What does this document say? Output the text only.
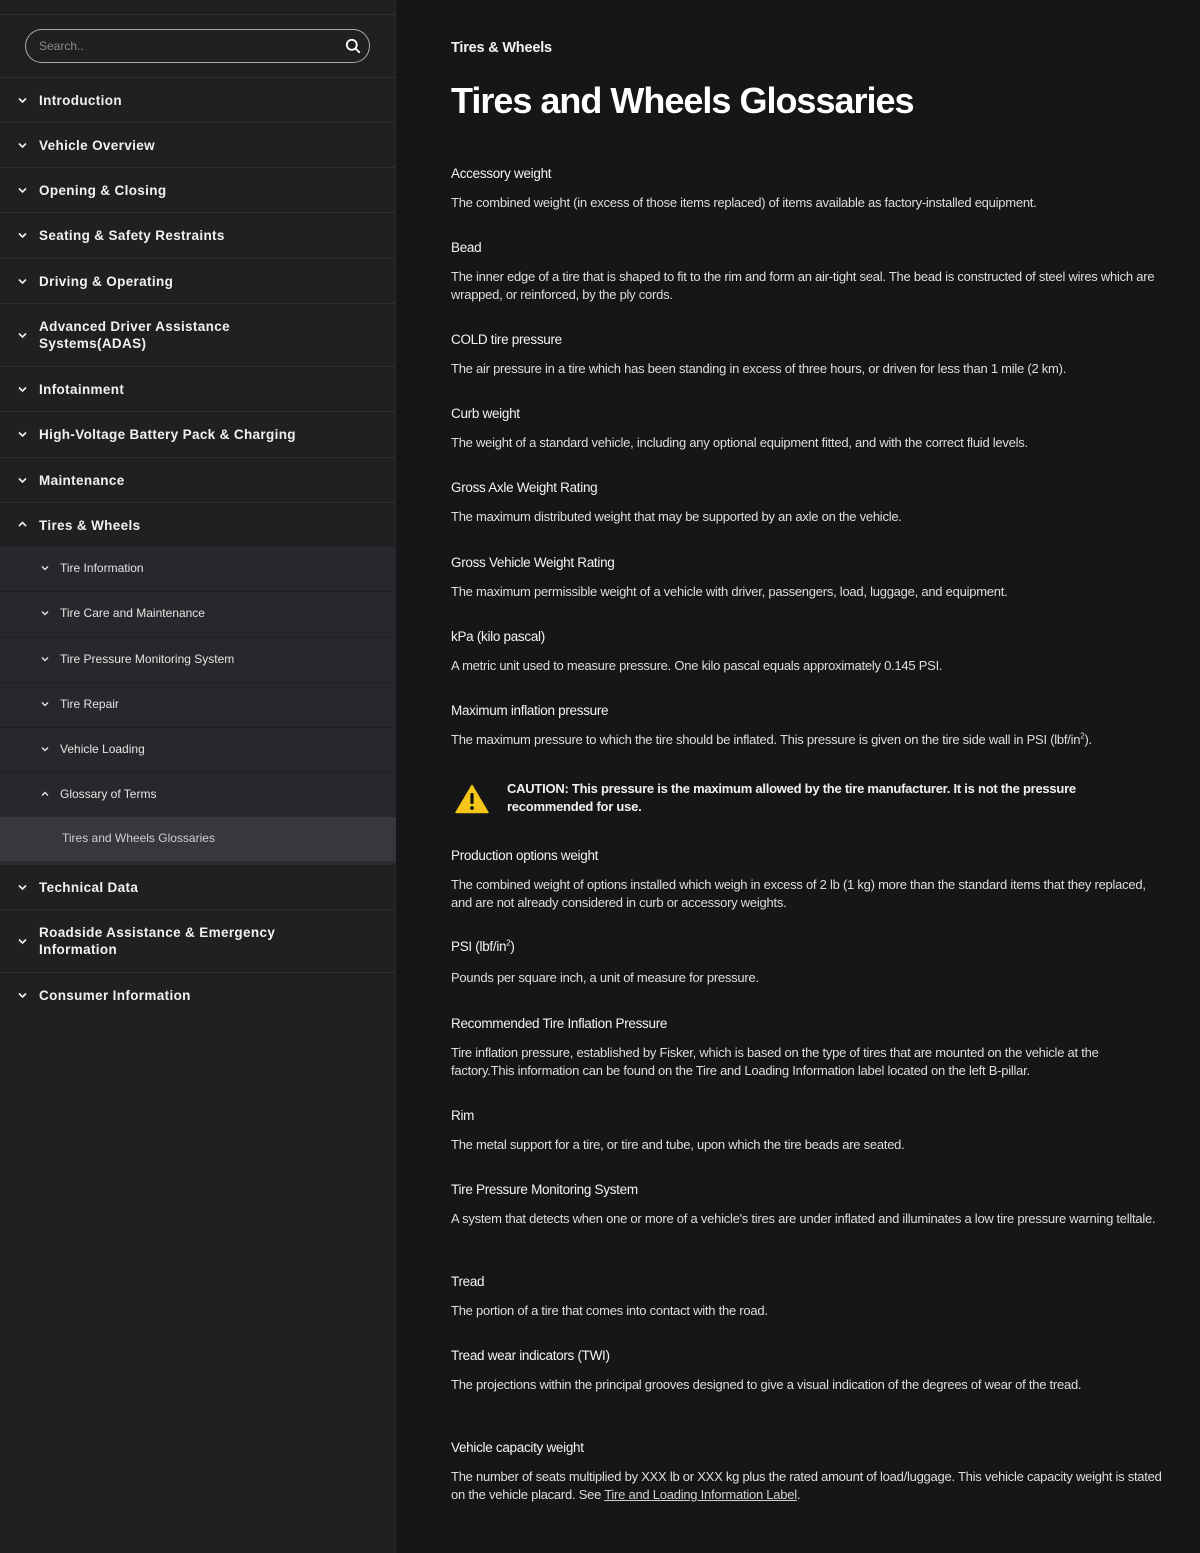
Search..
Introduction
Vehicle Overview
Opening & Closing
Seating & Safety Restraints
Driving & Operating
Advanced Driver Assistance Systems(ADAS)
Infotainment
High-Voltage Battery Pack & Charging
Maintenance
Tires & Wheels
Tire Information
Tire Care and Maintenance
Tire Pressure Monitoring System
Tire Repair
Vehicle Loading
Glossary of Terms
Tires and Wheels Glossaries
Technical Data
Roadside Assistance & Emergency Information
Consumer Information
Tires & Wheels
Tires and Wheels Glossaries
Accessory weight
The combined weight (in excess of those items replaced) of items available as factory-installed equipment.
Bead
The inner edge of a tire that is shaped to fit to the rim and form an air-tight seal. The bead is constructed of steel wires which are wrapped, or reinforced, by the ply cords.
COLD tire pressure
The air pressure in a tire which has been standing in excess of three hours, or driven for less than 1 mile (2 km).
Curb weight
The weight of a standard vehicle, including any optional equipment fitted, and with the correct fluid levels.
Gross Axle Weight Rating
The maximum distributed weight that may be supported by an axle on the vehicle.
Gross Vehicle Weight Rating
The maximum permissible weight of a vehicle with driver, passengers, load, luggage, and equipment.
kPa (kilo pascal)
A metric unit used to measure pressure. One kilo pascal equals approximately 0.145 PSI.
Maximum inflation pressure
The maximum pressure to which the tire should be inflated. This pressure is given on the tire side wall in PSI $(lbf/in^2)$.
CAUTION: This pressure is the maximum allowed by the tire manufacturer. It is not the pressure recommended for use.
Production options weight
The combined weight of options installed which weigh in excess of 2 lb (1 kg) more than the standard items that they replaced, and are not already considered in curb or accessory weights.
PSI $(lbf/in^2)$
Pounds per square inch, a unit of measure for pressure.
Recommended Tire Inflation Pressure
Tire inflation pressure, established by Fisker, which is based on the type of tires that are mounted on the vehicle at the factory.This information can be found on the Tire and Loading Information label located on the left B-pillar.
Rim
The metal support for a tire, or tire and tube, upon which the tire beads are seated.
Tire Pressure Monitoring System
A system that detects when one or more of a vehicle's tires are under inflated and illuminates a low tire pressure warning telltale.
Tread
The portion of a tire that comes into contact with the road.
Tread wear indicators (TWI)
The projections within the principal grooves designed to give a visual indication of the degrees of wear of the tread.
Vehicle capacity weight
The number of seats multiplied by XXX lb or XXX kg plus the rated amount of load/luggage. This vehicle capacity weight is stated on the vehicle placard. See Tire and Loading Information Label.
